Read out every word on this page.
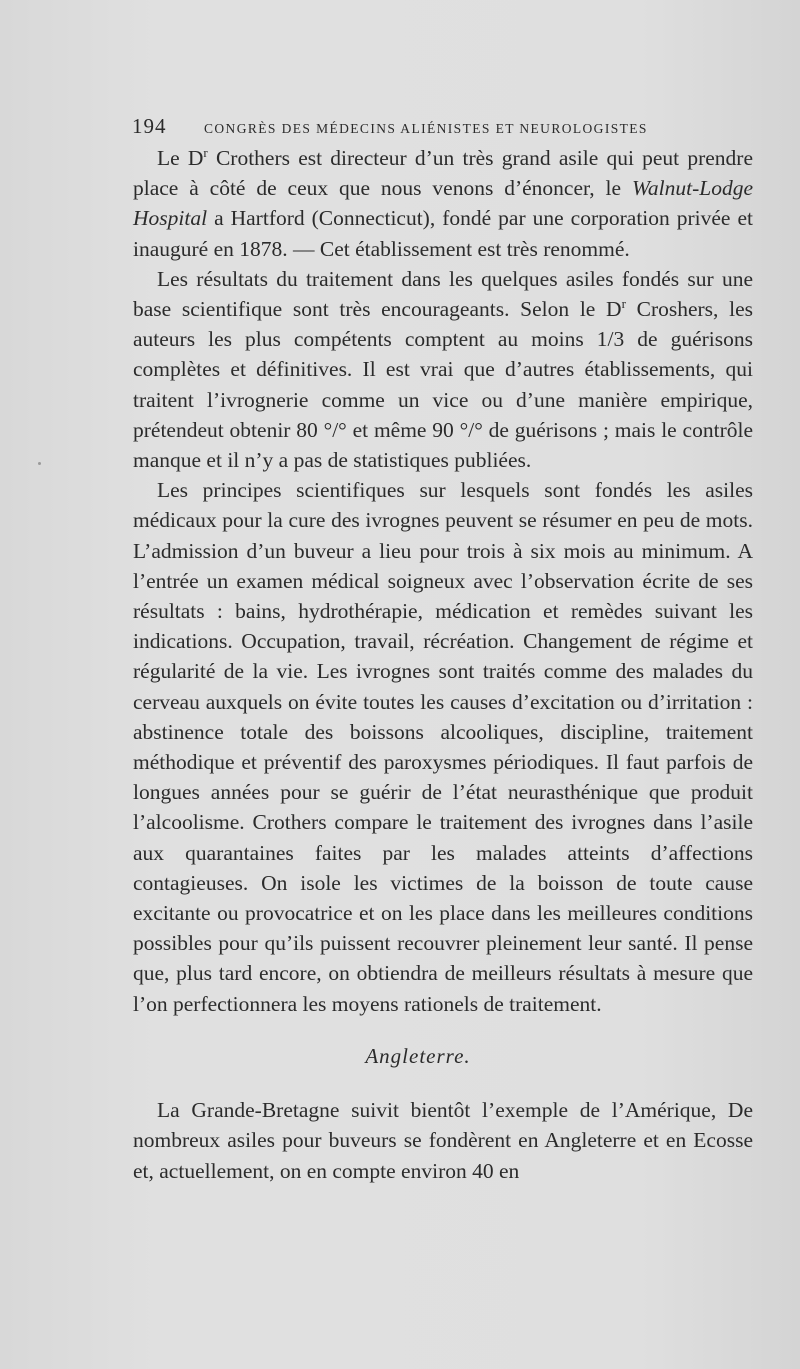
194	CONGRÈS DES MÉDECINS ALIÉNISTES ET NEUROLOGISTES

Le $D^r$ Crothers est directeur d’un très grand asile qui peut prendre place à côté de ceux que nous venons d’énoncer, le Walnut-Lodge Hospital a Hartford (Connecticut), fondé par une corporation privée et inauguré en 1878. — Cet établissement est très renommé.

Les résultats du traitement dans les quelques asiles fondés sur une base scientifique sont très encourageants. Selon le $D^r$ Croshers, les auteurs les plus compétents comptent au moins 1/3 de guérisons complètes et définitives. Il est vrai que d’autres établissements, qui traitent l’ivrognerie comme un vice ou d’une manière empirique, prétendeut obtenir 80 °/° et même 90 °/° de guérisons ; mais le contrôle manque et il n’y a pas de statistiques publiées.

Les principes scientifiques sur lesquels sont fondés les asiles médicaux pour la cure des ivrognes peuvent se résumer en peu de mots. L’admission d’un buveur a lieu pour trois à six mois au minimum. A l’entrée un examen médical soigneux avec l’observation écrite de ses résultats : bains, hydrothérapie, médication et remèdes suivant les indications. Occupation, travail, récréation. Changement de régime et régularité de la vie. Les ivrognes sont traités comme des malades du cerveau auxquels on évite toutes les causes d’excitation ou d’irritation : abstinence totale des boissons alcooliques, discipline, traitement méthodique et préventif des paroxysmes périodiques. Il faut parfois de longues années pour se guérir de l’état neurasthénique que produit l’alcoolisme. Crothers compare le traitement des ivrognes dans l’asile aux quarantaines faites par les malades atteints d’affections contagieuses. On isole les victimes de la boisson de toute cause excitante ou provocatrice et on les place dans les meilleures conditions possibles pour qu’ils puissent recouvrer pleinement leur santé. Il pense que, plus tard encore, on obtiendra de meilleurs résultats à mesure que l’on perfectionnera les moyens rationels de traitement.

Angleterre.

La Grande-Bretagne suivit bientôt l’exemple de l’Amérique, De nombreux asiles pour buveurs se fondèrent en Angleterre et en Ecosse et, actuellement, on en compte environ 40 en
